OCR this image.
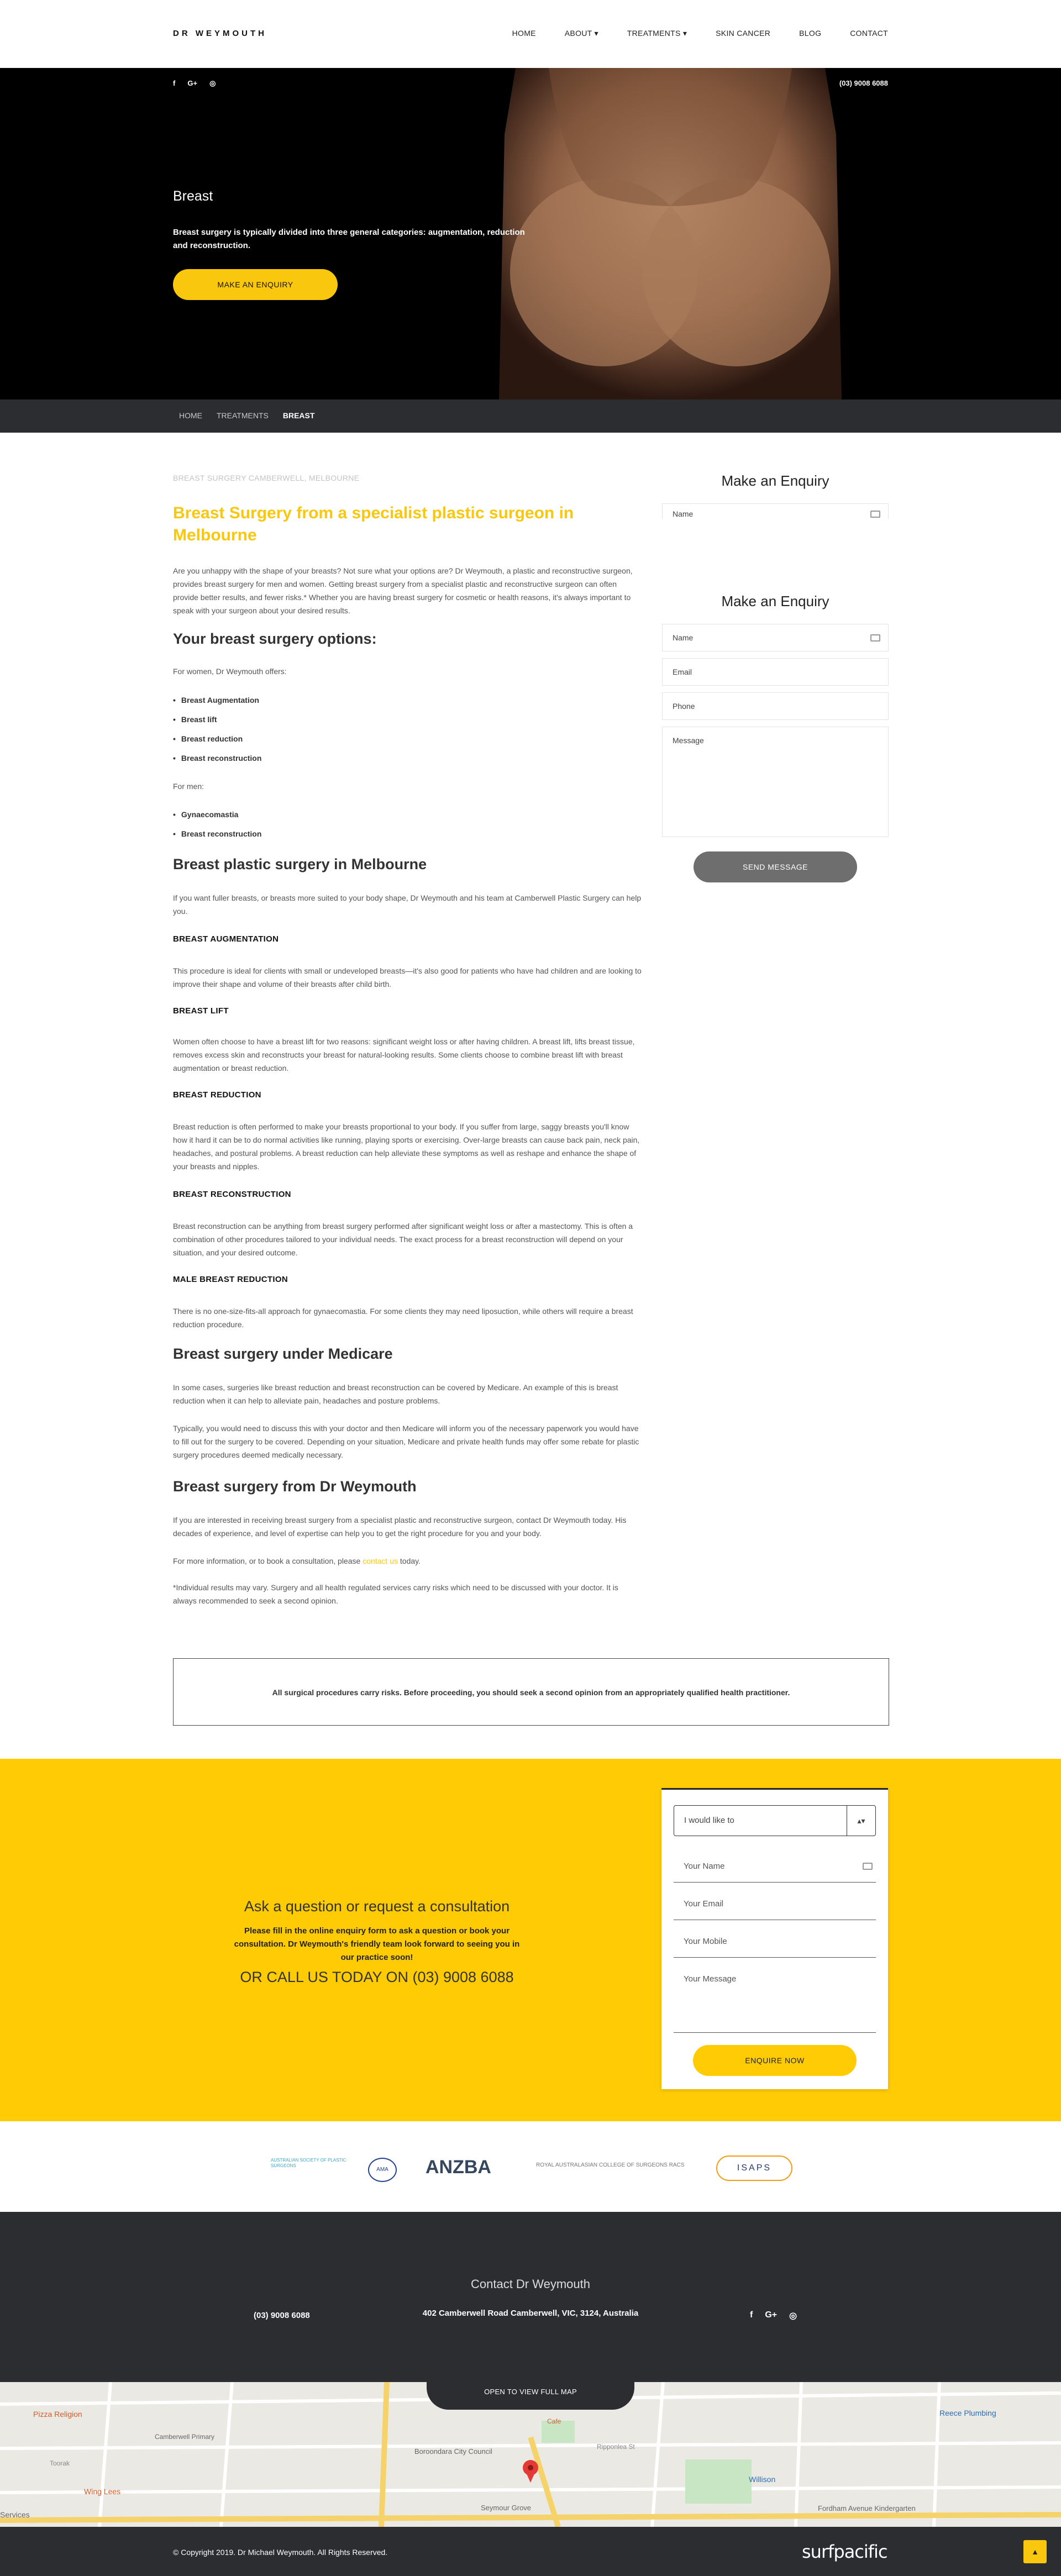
DR WEYMOUTH	HOME	ABOUT ▾	TREATMENTS ▾	SKIN CANCER	BLOG	CONTACT
f G+ ◎	(03) 9008 6088
Breast
Breast surgery is typically divided into three general categories: augmentation, reduction and reconstruction.
MAKE AN ENQUIRY
HOME TREATMENTS BREAST
BREAST SURGERY CAMBERWELL, MELBOURNE
Breast Surgery from a specialist plastic surgeon in Melbourne

Are you unhappy with the shape of your breasts? Not sure what your options are? Dr Weymouth, a plastic and reconstructive surgeon, provides breast surgery for men and women. Getting breast surgery from a specialist plastic and reconstructive surgeon can often provide better results, and fewer risks.* Whether you are having breast surgery for cosmetic or health reasons, it's always important to speak with your surgeon about your desired results.

Your breast surgery options:

For women, Dr Weymouth offers:

• Breast Augmentation
• Breast lift
• Breast reduction
• Breast reconstruction

For men:

• Gynaecomastia
• Breast reconstruction
Breast plastic surgery in Melbourne

If you want fuller breasts, or breasts more suited to your body shape, Dr Weymouth and his team at Camberwell Plastic Surgery can help you.

BREAST AUGMENTATION

This procedure is ideal for clients with small or undeveloped breasts—it's also good for patients who have had children and are looking to improve their shape and volume of their breasts after child birth.

BREAST LIFT

Women often choose to have a breast lift for two reasons: significant weight loss or after having children. A breast lift, lifts breast tissue, removes excess skin and reconstructs your breast for natural-looking results. Some clients choose to combine breast lift with breast augmentation or breast reduction.

BREAST REDUCTION

Breast reduction is often performed to make your breasts proportional to your body. If you suffer from large, saggy breasts you'll know how it hard it can be to do normal activities like running, playing sports or exercising. Over-large breasts can cause back pain, neck pain, headaches, and postural problems. A breast reduction can help alleviate these symptoms as well as reshape and enhance the shape of your breasts and nipples.

BREAST RECONSTRUCTION

Breast reconstruction can be anything from breast surgery performed after significant weight loss or after a mastectomy. This is often a combination of other procedures tailored to your individual needs. The exact process for a breast reconstruction will depend on your situation, and your desired outcome.

MALE BREAST REDUCTION

There is no one-size-fits-all approach for gynaecomastia. For some clients they may need liposuction, while others will require a breast reduction procedure.

Breast surgery under Medicare

In some cases, surgeries like breast reduction and breast reconstruction can be covered by Medicare. An example of this is breast reduction when it can help to alleviate pain, headaches and posture problems.

Typically, you would need to discuss this with your doctor and then Medicare will inform you of the necessary paperwork you would have to fill out for the surgery to be covered. Depending on your situation, Medicare and private health funds may offer some rebate for plastic surgery procedures deemed medically necessary.

Breast surgery from Dr Weymouth

If you are interested in receiving breast surgery from a specialist plastic and reconstructive surgeon, contact Dr Weymouth today. His decades of experience, and level of expertise can help you to get the right procedure for you and your body.

For more information, or to book a consultation, please contact us today.

*Individual results may vary. Surgery and all health regulated services carry risks which need to be discussed with your doctor. It is always recommended to seek a second opinion.

Make an Enquiry
Name
Make an Enquiry
Name
Email
Phone
Message
SEND MESSAGE
All surgical procedures carry risks. Before proceeding, you should seek a second opinion from an appropriately qualified health practitioner.
Ask a question or request a consultation
Please fill in the online enquiry form to ask a question or book your consultation. Dr Weymouth's friendly team look forward to seeing you in our practice soon!
OR CALL US TODAY ON (03) 9008 6088
I would like to	▴▾
Your Name
Your Email
Your Mobile
Your Message
ENQUIRE NOW
AUSTRALIAN SOCIETY OF PLASTIC SURGEONS
AMA	ANZBA	ROYAL AUSTRALASIAN COLLEGE OF SURGEONS RACS	ISAPS
Contact Dr Weymouth
(03) 9008 6088	402 Camberwell Road Camberwell, VIC, 3124, Australia	f G+ ◎
Pizza Religion
Camberwell Primary
Boroondara City Council
Seymour Grove
Ripponlea St
Reece Plumbing
Willison
Fordham Avenue Kindergarten
Wing Lees
Services
Toorak
Cafe
OPEN TO VIEW FULL MAP
© Copyright 2019. Dr Michael Weymouth. All Rights Reserved.	surfpacific	▲
